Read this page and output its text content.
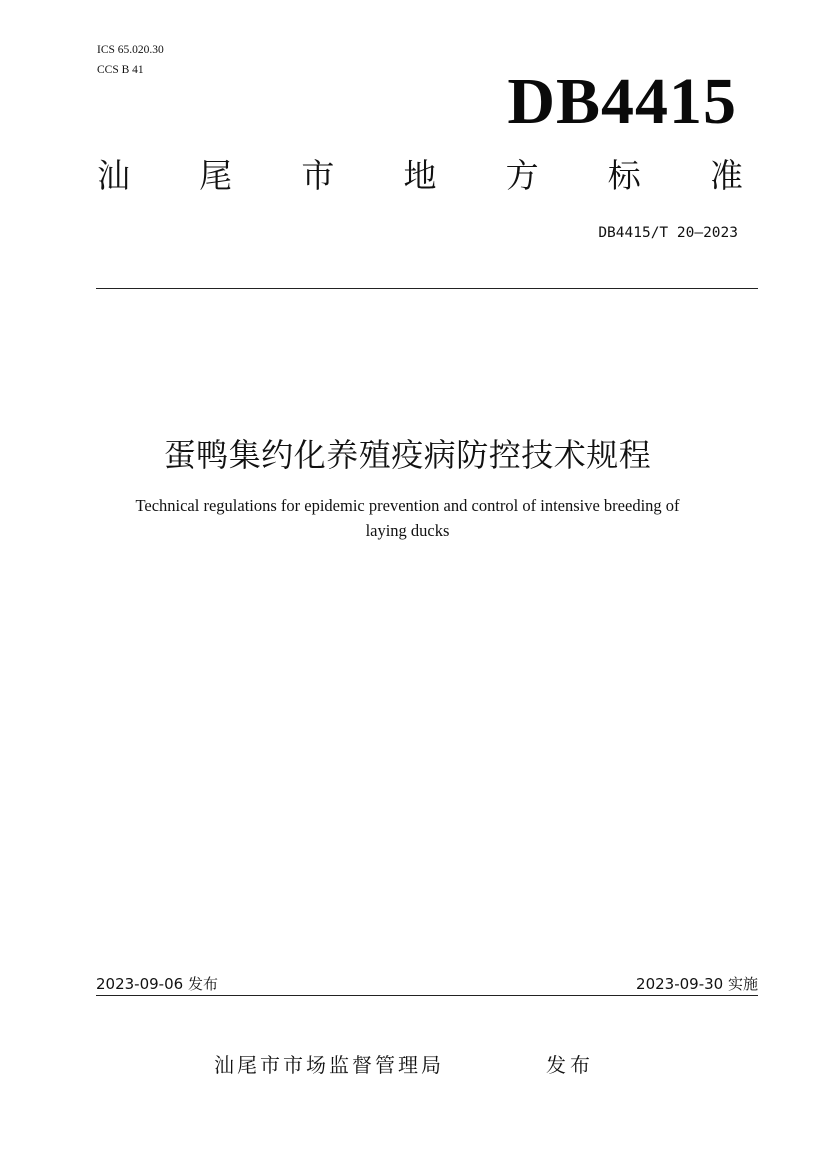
ICS 65.020.30
CCS B 41	DB4415
汕 尾 市 地 方 标 准
DB4415/T 20—2023
蛋鸭集约化养殖疫病防控技术规程
Technical regulations for epidemic prevention and control of intensive breeding of
laying ducks
2023-09-06 发布	2023-09-30 实施
汕尾市市场监督管理局	发布
